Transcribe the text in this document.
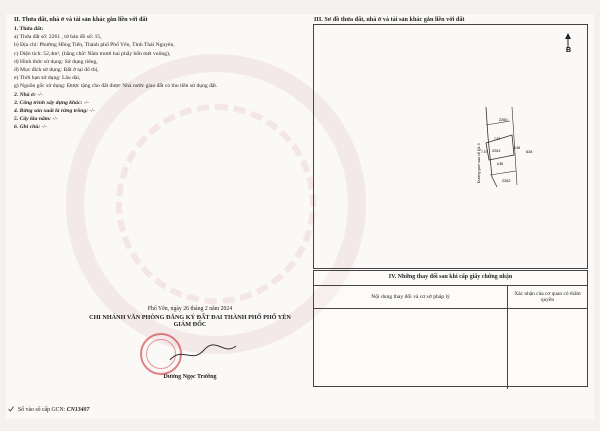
II. Thửa đất, nhà ở và tài sản khác gắn liền với đất
1. Thửa đất:
a) Thửa đất số: 2261 , tờ bản đồ số: 15,
b) Địa chỉ: Phường Hồng Tiến, Thành phố Phổ Yên, Tỉnh Thái Nguyên,
c) Diện tích: 52,4m², (bằng chữ: Năm mươi hai phẩy bốn mét vuông),
d) Hình thức sử dụng: Sử dụng riêng,
đ) Mục đích sử dụng: Đất ở tại đô thị,
e) Thời hạn sử dụng: Lâu dài,
g) Nguồn gốc sử dụng: Được tặng cho đất được Nhà nước giao đất có thu tiền sử dụng đất.
2. Nhà ở: -/-
3. Công trình xây dựng khác: -/-
4. Rừng sản xuất là rừng trồng: -/-
5. Cây lâu năm: -/-
6. Ghi chú: -/-
III. Sơ đồ thửa đất, nhà ở và tài sản khác gắn liền với đất
B
2260
2261
2262
628
7.97
6.56
6.85
7.37
Đường gom sau cổ QL 3
IV. Những thay đổi sau khi cấp giấy chứng nhận
Nội dung thay đổi và cơ sở pháp lý
Xác nhận của cơ quan có thẩm quyền
Phổ Yên, ngày 26 tháng 2 năm 2024
CHI NHÁNH VĂN PHÒNG ĐĂNG KÝ ĐẤT ĐAI THÀNH PHỐ PHỔ YÊN
GIÁM ĐỐC
Dương Ngọc Trường
Số vào sổ cấp GCN: CN13407
